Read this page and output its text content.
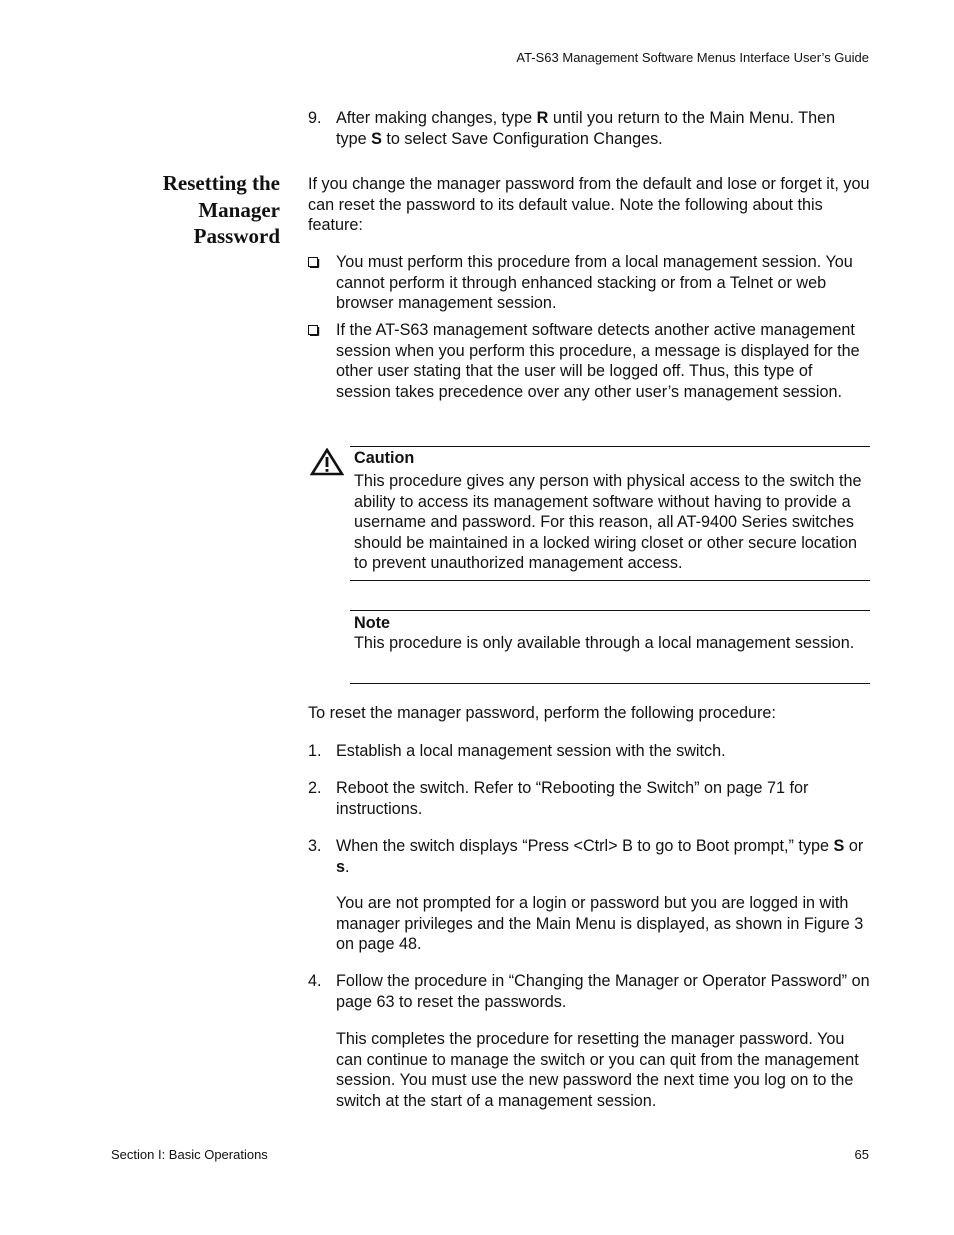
AT-S63 Management Software Menus Interface User’s Guide
9. After making changes, type R until you return to the Main Menu. Then type S to select Save Configuration Changes.
Resetting the
Manager
Password
If you change the manager password from the default and lose or forget it, you can reset the password to its default value. Note the following about this feature:
You must perform this procedure from a local management session. You cannot perform it through enhanced stacking or from a Telnet or web browser management session.
If the AT-S63 management software detects another active management session when you perform this procedure, a message is displayed for the other user stating that the user will be logged off. Thus, this type of session takes precedence over any other user’s management session.
Caution
This procedure gives any person with physical access to the switch the ability to access its management software without having to provide a username and password. For this reason, all AT-9400 Series switches should be maintained in a locked wiring closet or other secure location to prevent unauthorized management access.
Note
This procedure is only available through a local management session.
To reset the manager password, perform the following procedure:
1. Establish a local management session with the switch.
2. Reboot the switch. Refer to “Rebooting the Switch” on page 71 for instructions.
3. When the switch displays “Press <Ctrl> B to go to Boot prompt,” type S or s.
You are not prompted for a login or password but you are logged in with manager privileges and the Main Menu is displayed, as shown in Figure 3 on page 48.
4. Follow the procedure in “Changing the Manager or Operator Password” on page 63 to reset the passwords.
This completes the procedure for resetting the manager password. You can continue to manage the switch or you can quit from the management session. You must use the new password the next time you log on to the switch at the start of a management session.
Section I: Basic Operations	65
